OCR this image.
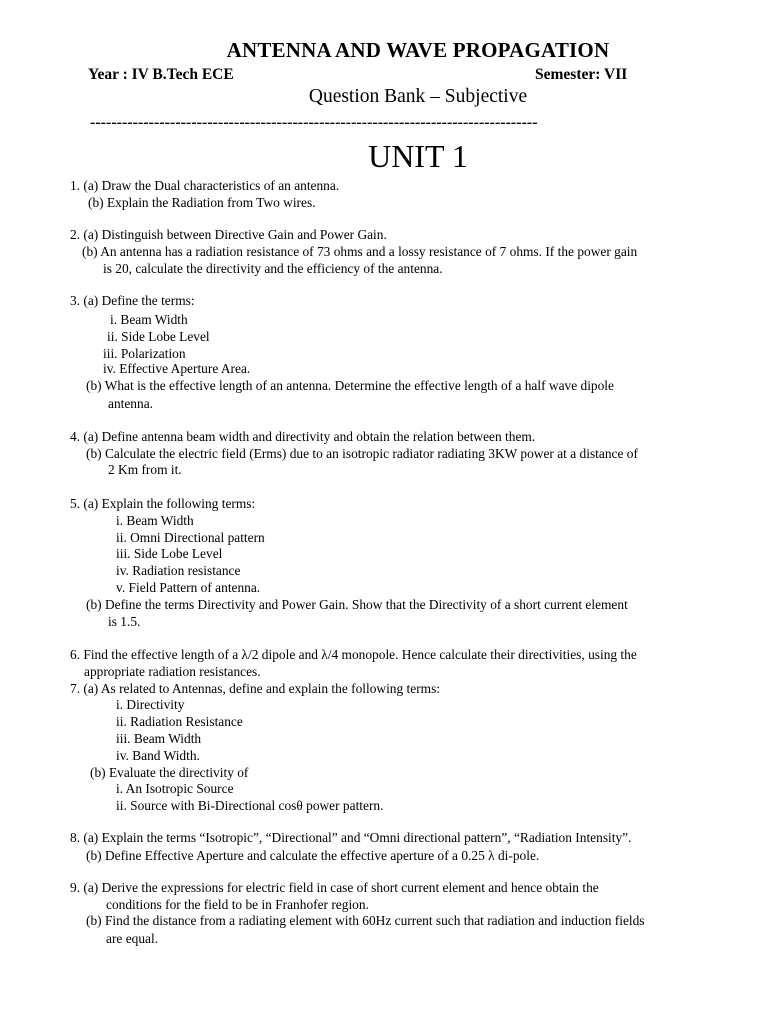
ANTENNA AND WAVE PROPAGATION
Year : IV B.Tech ECE	Semester: VII
Question Bank – Subjective
------------------------------------------------------------------------------------
UNIT 1
1. (a) Draw the Dual characteristics of an antenna.
(b) Explain the Radiation from Two wires.
2. (a) Distinguish between Directive Gain and Power Gain.
(b) An antenna has a radiation resistance of 73 ohms and a lossy resistance of 7 ohms. If the power gain
is 20, calculate the directivity and the efficiency of the antenna.
3. (a) Define the terms:
i. Beam Width
ii. Side Lobe Level
iii. Polarization
iv. Effective Aperture Area.
(b) What is the effective length of an antenna. Determine the effective length of a half wave dipole
antenna.
4. (a) Define antenna beam width and directivity and obtain the relation between them.
(b) Calculate the electric field (Erms) due to an isotropic radiator radiating 3KW power at a distance of
2 Km from it.
5. (a) Explain the following terms:
i. Beam Width
ii. Omni Directional pattern
iii. Side Lobe Level
iv. Radiation resistance
v. Field Pattern of antenna.
(b) Define the terms Directivity and Power Gain. Show that the Directivity of a short current element
is 1.5.
6. Find the effective length of a λ/2 dipole and λ/4 monopole. Hence calculate their directivities, using the
appropriate radiation resistances.
7. (a) As related to Antennas, define and explain the following terms:
i. Directivity
ii. Radiation Resistance
iii. Beam Width
iv. Band Width.
(b) Evaluate the directivity of
i. An Isotropic Source
ii. Source with Bi-Directional cosθ power pattern.
8. (a) Explain the terms “Isotropic”, “Directional” and “Omni directional pattern”, “Radiation Intensity”.
(b) Define Effective Aperture and calculate the effective aperture of a 0.25 λ di-pole.
9. (a) Derive the expressions for electric field in case of short current element and hence obtain the
conditions for the field to be in Franhofer region.
(b) Find the distance from a radiating element with 60Hz current such that radiation and induction fields
are equal.
